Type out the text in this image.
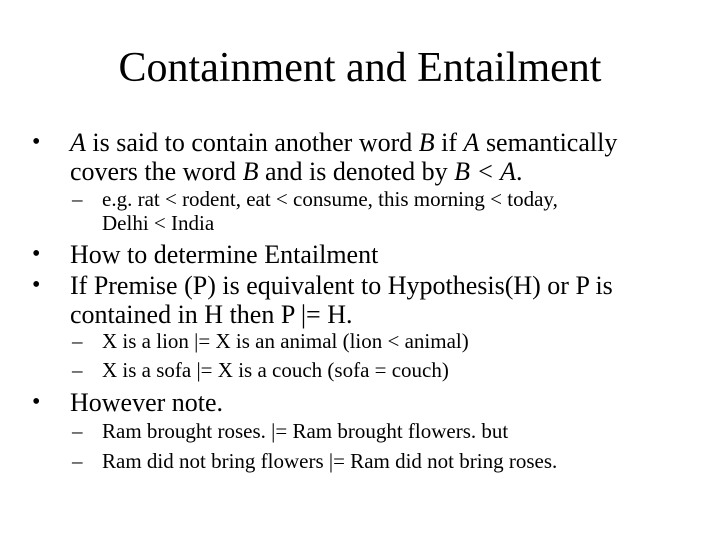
Containment and Entailment
• A is said to contain another word B if A semantically
covers the word B and is denoted by B < A.
– e.g. rat < rodent, eat < consume, this morning < today,
Delhi < India
• How to determine Entailment
• If Premise (P) is equivalent to Hypothesis(H) or P is
contained in H then P |= H.
– X is a lion |= X is an animal (lion < animal)
– X is a sofa |= X is a couch (sofa = couch)
• However note.
– Ram brought roses. |= Ram brought flowers. but
– Ram did not bring flowers |= Ram did not bring roses.
